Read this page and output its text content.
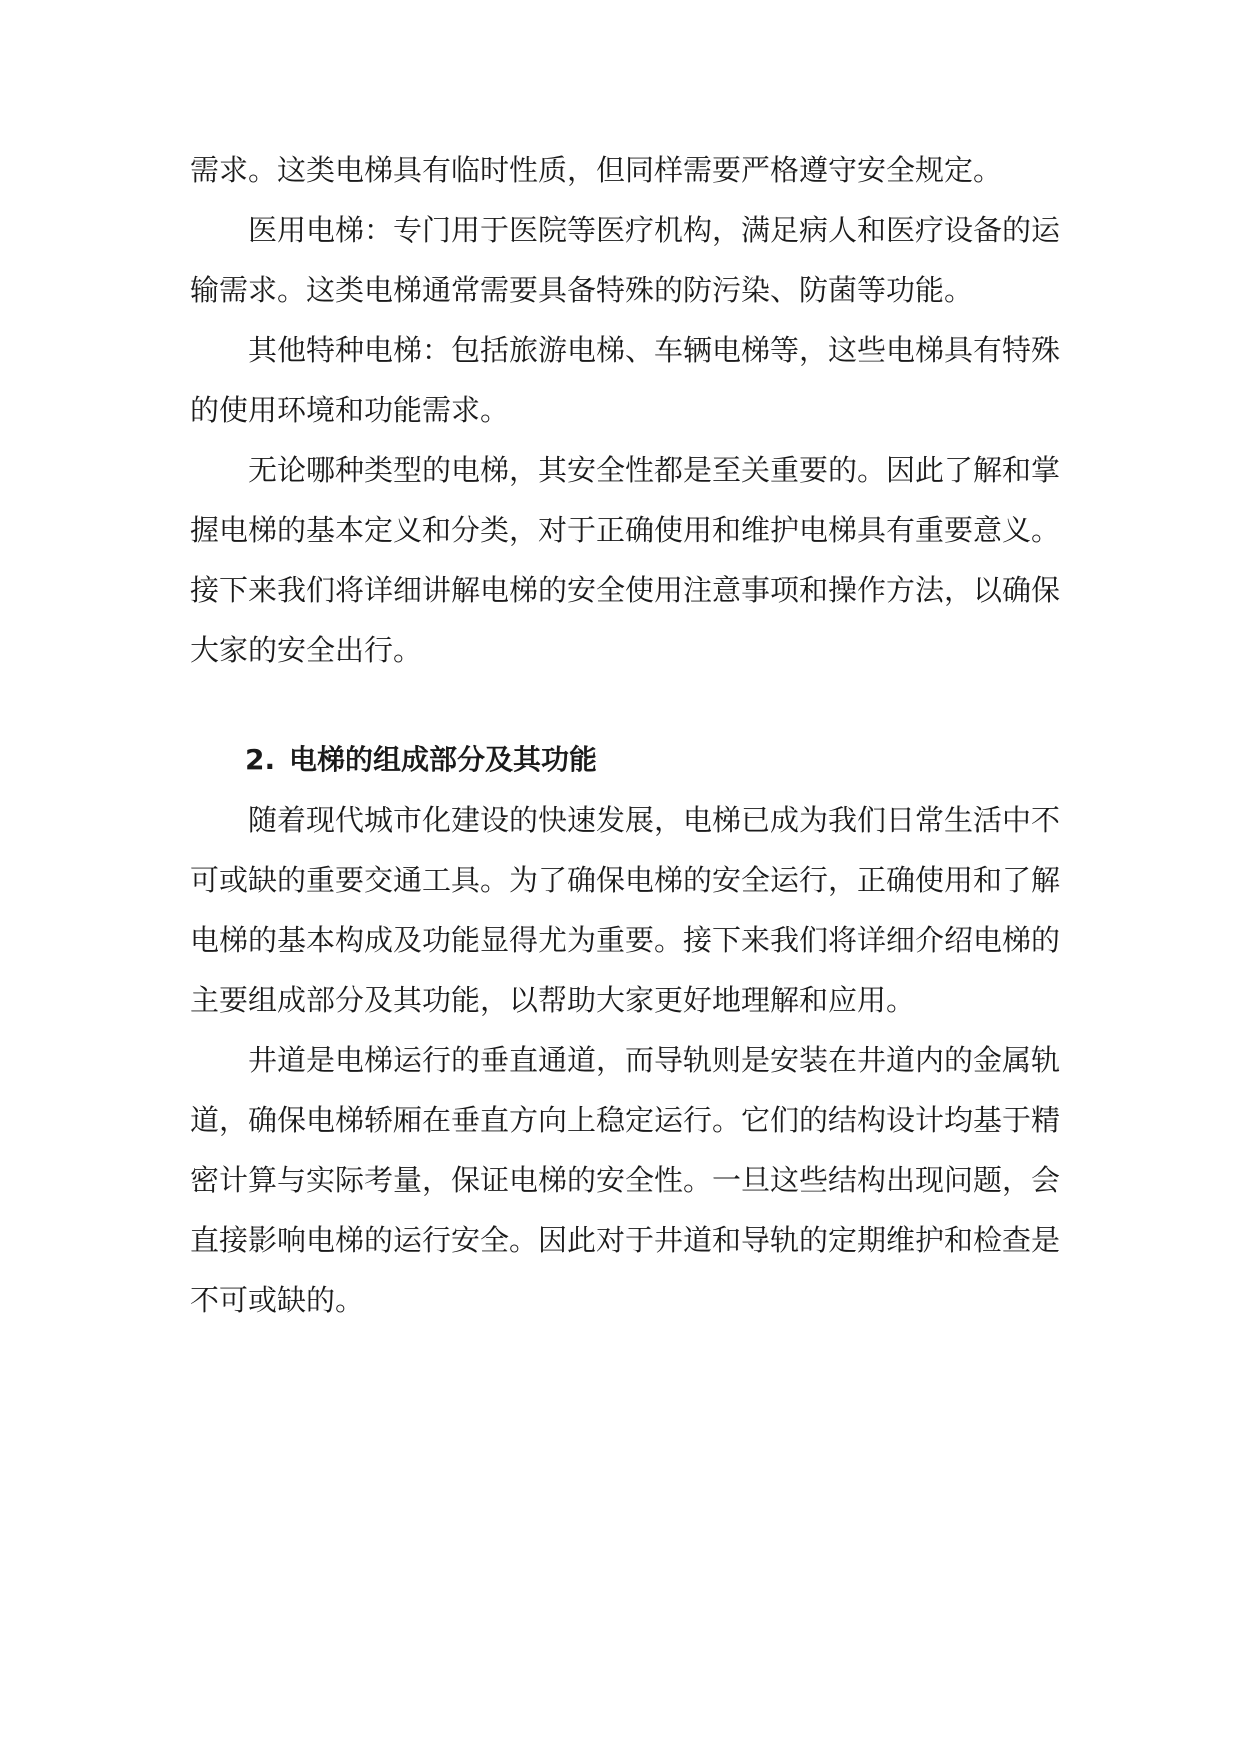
需求。这类电梯具有临时性质，但同样需要严格遵守安全规定。
医用电梯：专门用于医院等医疗机构，满足病人和医疗设备的运
输需求。这类电梯通常需要具备特殊的防污染、防菌等功能。
其他特种电梯：包括旅游电梯、车辆电梯等，这些电梯具有特殊
的使用环境和功能需求。
无论哪种类型的电梯，其安全性都是至关重要的。因此了解和掌
握电梯的基本定义和分类，对于正确使用和维护电梯具有重要意义。
接下来我们将详细讲解电梯的安全使用注意事项和操作方法，以确保
大家的安全出行。
2. 电梯的组成部分及其功能
随着现代城市化建设的快速发展，电梯已成为我们日常生活中不
可或缺的重要交通工具。为了确保电梯的安全运行，正确使用和了解
电梯的基本构成及功能显得尤为重要。接下来我们将详细介绍电梯的
主要组成部分及其功能，以帮助大家更好地理解和应用。
井道是电梯运行的垂直通道，而导轨则是安装在井道内的金属轨
道，确保电梯轿厢在垂直方向上稳定运行。它们的结构设计均基于精
密计算与实际考量，保证电梯的安全性。一旦这些结构出现问题，会
直接影响电梯的运行安全。因此对于井道和导轨的定期维护和检查是
不可或缺的。
